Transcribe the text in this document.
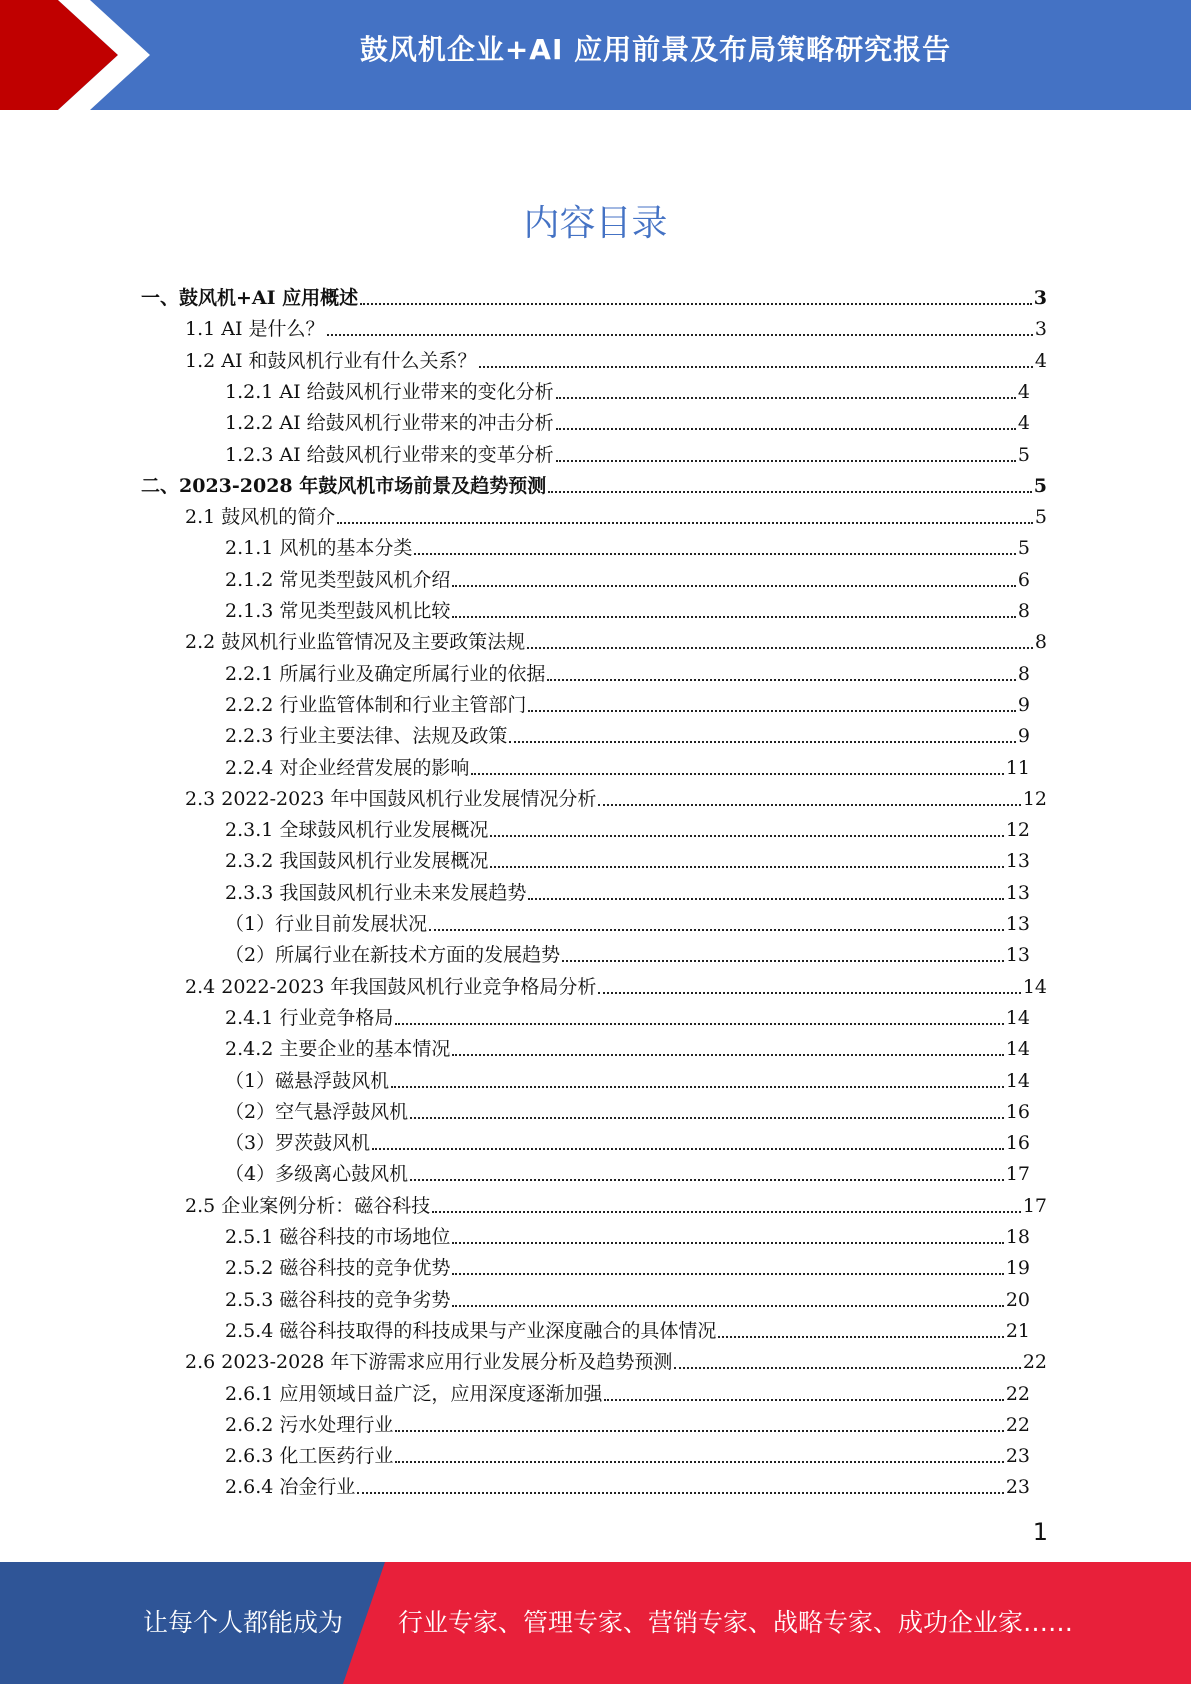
鼓风机企业+AI 应用前景及布局策略研究报告
内容目录
一、鼓风机+AI 应用概述	3
1.1 AI 是什么？	3
1.2 AI 和鼓风机行业有什么关系？	4
1.2.1 AI 给鼓风机行业带来的变化分析	4
1.2.2 AI 给鼓风机行业带来的冲击分析	4
1.2.3 AI 给鼓风机行业带来的变革分析	5
二、2023-2028 年鼓风机市场前景及趋势预测	5
2.1 鼓风机的简介	5
2.1.1 风机的基本分类	5
2.1.2 常见类型鼓风机介绍	6
2.1.3 常见类型鼓风机比较	8
2.2 鼓风机行业监管情况及主要政策法规	8
2.2.1 所属行业及确定所属行业的依据	8
2.2.2 行业监管体制和行业主管部门	9
2.2.3 行业主要法律、法规及政策	9
2.2.4 对企业经营发展的影响	11
2.3 2022-2023 年中国鼓风机行业发展情况分析	12
2.3.1 全球鼓风机行业发展概况	12
2.3.2 我国鼓风机行业发展概况	13
2.3.3 我国鼓风机行业未来发展趋势	13
（1）行业目前发展状况	13
（2）所属行业在新技术方面的发展趋势	13
2.4 2022-2023 年我国鼓风机行业竞争格局分析	14
2.4.1 行业竞争格局	14
2.4.2 主要企业的基本情况	14
（1）磁悬浮鼓风机	14
（2）空气悬浮鼓风机	16
（3）罗茨鼓风机	16
（4）多级离心鼓风机	17
2.5 企业案例分析：磁谷科技	17
2.5.1 磁谷科技的市场地位	18
2.5.2 磁谷科技的竞争优势	19
2.5.3 磁谷科技的竞争劣势	20
2.5.4 磁谷科技取得的科技成果与产业深度融合的具体情况	21
2.6 2023-2028 年下游需求应用行业发展分析及趋势预测	22
2.6.1 应用领域日益广泛，应用深度逐渐加强	22
2.6.2 污水处理行业	22
2.6.3 化工医药行业	23
2.6.4 冶金行业	23
1
让每个人都能成为 行业专家、管理专家、营销专家、战略专家、成功企业家……
